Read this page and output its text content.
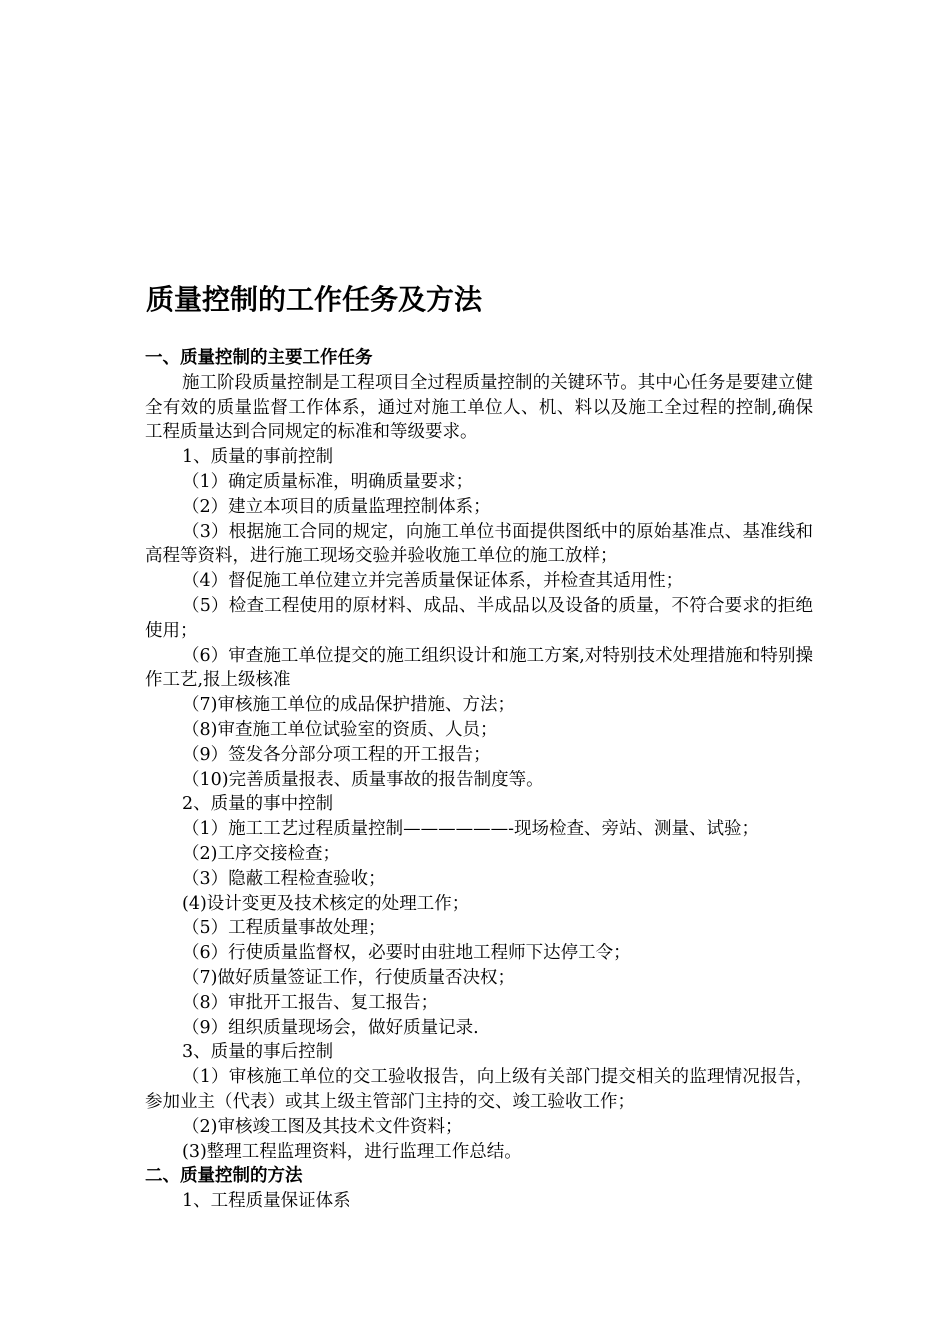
质量控制的工作任务及方法

一、质量控制的主要工作任务

施工阶段质量控制是工程项目全过程质量控制的关键环节。其中心任务是要建立健全有效的质量监督工作体系，通过对施工单位人、机、料以及施工全过程的控制,确保工程质量达到合同规定的标准和等级要求。

1、质量的事前控制

（1）确定质量标准，明确质量要求；

（2）建立本项目的质量监理控制体系；

（3）根据施工合同的规定，向施工单位书面提供图纸中的原始基准点、基准线和高程等资料，进行施工现场交验并验收施工单位的施工放样；

（4）督促施工单位建立并完善质量保证体系，并检查其适用性；

（5）检查工程使用的原材料、成品、半成品以及设备的质量，不符合要求的拒绝使用；

（6）审查施工单位提交的施工组织设计和施工方案,对特别技术处理措施和特别操作工艺,报上级核准

（7)审核施工单位的成品保护措施、方法；

（8)审查施工单位试验室的资质、人员；

（9）签发各分部分项工程的开工报告；

（10)完善质量报表、质量事故的报告制度等。

2、质量的事中控制

（1）施工工艺过程质量控制——————-现场检查、旁站、测量、试验；

（2)工序交接检查；

（3）隐蔽工程检查验收；

(4)设计变更及技术核定的处理工作；

（5）工程质量事故处理；

（6）行使质量监督权，必要时由驻地工程师下达停工令；

（7)做好质量签证工作，行使质量否决权；

（8）审批开工报告、复工报告；

（9）组织质量现场会，做好质量记录.

3、质量的事后控制

（1）审核施工单位的交工验收报告，向上级有关部门提交相关的监理情况报告，参加业主（代表）或其上级主管部门主持的交、竣工验收工作；

（2)审核竣工图及其技术文件资料；

(3)整理工程监理资料，进行监理工作总结。

二、质量控制的方法

1、工程质量保证体系
